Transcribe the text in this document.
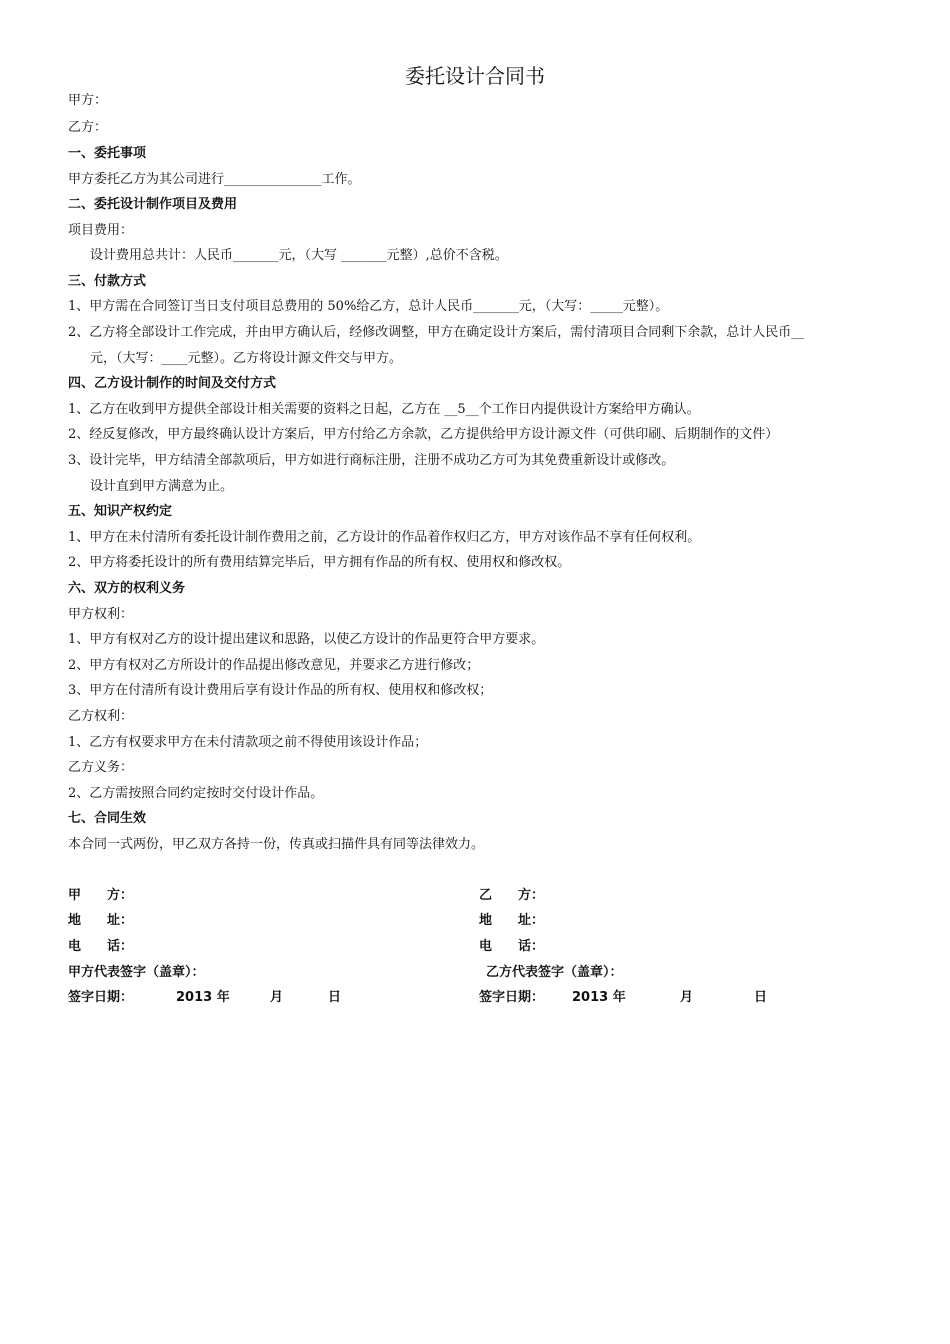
委托设计合同书
甲方：
乙方：
一、委托事项
甲方委托乙方为其公司进行_______________工作。
二、委托设计制作项目及费用
项目费用：
设计费用总共计：人民币_______元，（大写 _______元整）,总价不含税。
三、付款方式
1、甲方需在合同签订当日支付项目总费用的 50%给乙方，总计人民币_______元，（大写：_____元整）。
2、乙方将全部设计工作完成，并由甲方确认后，经修改调整，甲方在确定设计方案后，需付清项目合同剩下余款，总计人民币__
元，（大写：____元整）。乙方将设计源文件交与甲方。
四、乙方设计制作的时间及交付方式
1、乙方在收到甲方提供全部设计相关需要的资料之日起，乙方在 __5__个工作日内提供设计方案给甲方确认。
2、经反复修改，甲方最终确认设计方案后，甲方付给乙方余款，乙方提供给甲方设计源文件（可供印刷、后期制作的文件）
3、设计完毕，甲方结清全部款项后，甲方如进行商标注册，注册不成功乙方可为其免费重新设计或修改。
设计直到甲方满意为止。
五、知识产权约定
1、甲方在未付清所有委托设计制作费用之前，乙方设计的作品着作权归乙方，甲方对该作品不享有任何权利。
2、甲方将委托设计的所有费用结算完毕后，甲方拥有作品的所有权、使用权和修改权。
六、双方的权利义务
甲方权利：
1、甲方有权对乙方的设计提出建议和思路，以使乙方设计的作品更符合甲方要求。
2、甲方有权对乙方所设计的作品提出修改意见，并要求乙方进行修改；
3、甲方在付清所有设计费用后享有设计作品的所有权、使用权和修改权；
乙方权利：
1、乙方有权要求甲方在未付清款项之前不得使用该设计作品；
乙方义务：
2、乙方需按照合同约定按时交付设计作品。
七、合同生效
本合同一式两份，甲乙双方各持一份，传真或扫描件具有同等法律效力。
甲　　方：
地　　址：
电　　话：
甲方代表签字（盖章）：
签字日期：	2013 年	月	日
乙　　方：
地　　址：
电　　话：
乙方代表签字（盖章）：
签字日期： 2013 年	月	日
